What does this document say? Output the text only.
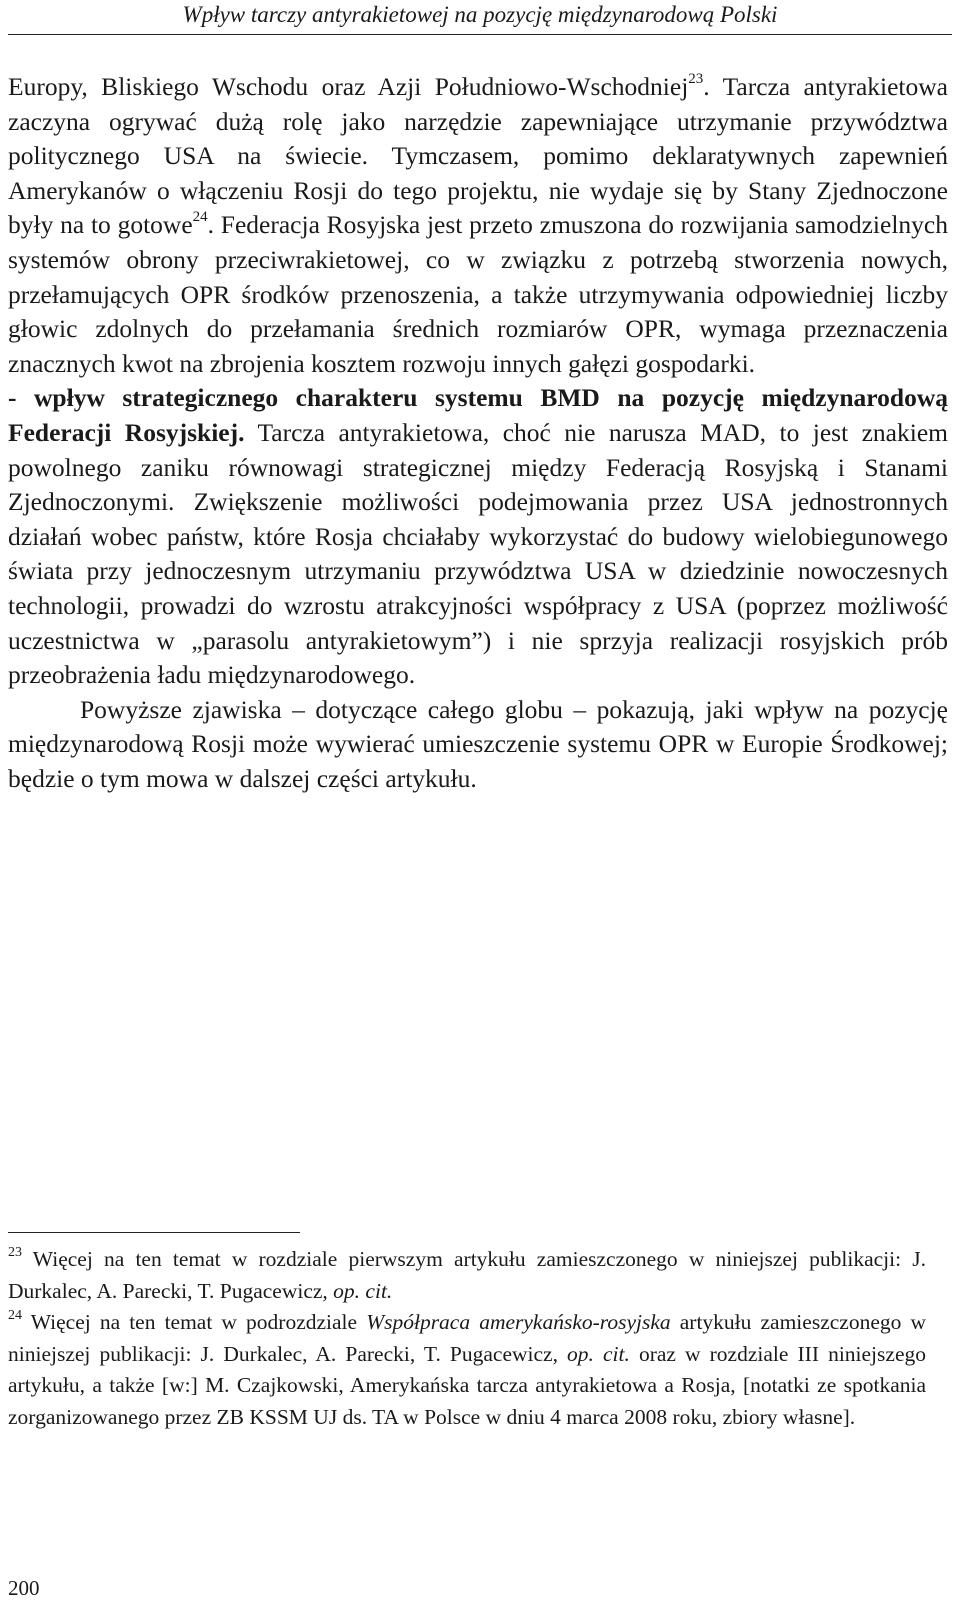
Wpływ tarczy antyrakietowej na pozycję międzynarodową Polski

Europy, Bliskiego Wschodu oraz Azji Południowo-Wschodniej$^{23}$. Tarcza antyrakietowa zaczyna ogrywać dużą rolę jako narzędzie zapewniające utrzymanie przywództwa politycznego USA na świecie. Tymczasem, pomimo deklaratywnych zapewnień Amerykanów o włączeniu Rosji do tego projektu, nie wydaje się by Stany Zjednoczone były na to gotowe$^{24}$. Federacja Rosyjska jest przeto zmuszona do rozwijania samodzielnych systemów obrony przeciwrakietowej, co w związku z potrzebą stworzenia nowych, przełamujących OPR środków przenoszenia, a także utrzymywania odpowiedniej liczby głowic zdolnych do przełamania średnich rozmiarów OPR, wymaga przeznaczenia znacznych kwot na zbrojenia kosztem rozwoju innych gałęzi gospodarki.

- wpływ strategicznego charakteru systemu BMD na pozycję międzynarodową Federacji Rosyjskiej. Tarcza antyrakietowa, choć nie narusza MAD, to jest znakiem powolnego zaniku równowagi strategicznej między Federacją Rosyjską i Stanami Zjednoczonymi. Zwiększenie możliwości podejmowania przez USA jednostronnych działań wobec państw, które Rosja chciałaby wykorzystać do budowy wielobiegunowego świata przy jednoczesnym utrzymaniu przywództwa USA w dziedzinie nowoczesnych technologii, prowadzi do wzrostu atrakcyjności współpracy z USA (poprzez możliwość uczestnictwa w „parasolu antyrakietowym”) i nie sprzyja realizacji rosyjskich prób przeobrażenia ładu międzynarodowego.

Powyższe zjawiska – dotyczące całego globu – pokazują, jaki wpływ na pozycję międzynarodową Rosji może wywierać umieszczenie systemu OPR w Europie Środkowej; będzie o tym mowa w dalszej części artykułu.

$^{23}$ Więcej na ten temat w rozdziale pierwszym artykułu zamieszczonego w niniejszej publikacji: J. Durkalec, A. Parecki, T. Pugacewicz, op. cit.

$^{24}$ Więcej na ten temat w podrozdziale Współpraca amerykańsko-rosyjska artykułu zamieszczonego w niniejszej publikacji: J. Durkalec, A. Parecki, T. Pugacewicz, op. cit. oraz w rozdziale III niniejszego artykułu, a także [w:] M. Czajkowski, Amerykańska tarcza antyrakietowa a Rosja, [notatki ze spotkania zorganizowanego przez ZB KSSM UJ ds. TA w Polsce w dniu 4 marca 2008 roku, zbiory własne].

200
